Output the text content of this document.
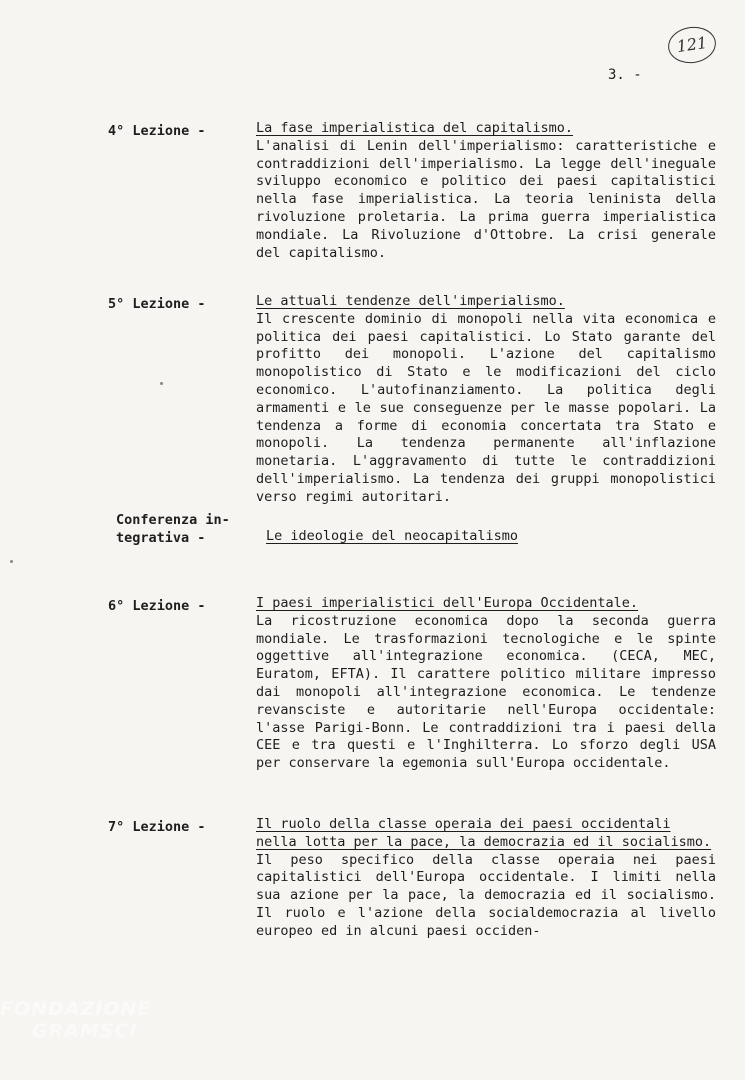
121
3. -
4° Lezione -	La fase imperialistica del capitalismo.
L'analisi di Lenin dell'imperialismo: caratteristiche e contraddizioni dell'imperialismo. La legge dell'ineguale sviluppo economico e politico dei paesi capitalistici nella fase imperialistica. La teoria leninista della rivoluzione proletaria. La prima guerra imperialistica mondiale. La Rivoluzione d'Ottobre. La crisi generale del capitalismo.
5° Lezione -	Le attuali tendenze dell'imperialismo.
Il crescente dominio di monopoli nella vita economica e politica dei paesi capitalistici. Lo Stato garante del profitto dei monopoli. L'azione del capitalismo monopolistico di Stato e le modificazioni del ciclo economico. L'autofinanziamento. La politica degli armamenti e le sue conseguenze per le masse popolari. La tendenza a forme di economia concertata tra Stato e monopoli. La tendenza permanente all'inflazione monetaria. L'aggravamento di tutte le contraddizioni dell'imperialismo. La tendenza dei gruppi monopolistici verso regimi autoritari.
Conferenza in-
tegrativa -	Le ideologie del neocapitalismo
6° Lezione -	I paesi imperialistici dell'Europa Occidentale.
La ricostruzione economica dopo la seconda guerra mondiale. Le trasformazioni tecnologiche e le spinte oggettive all'integrazione economica. (CECA, MEC, Euratom, EFTA). Il carattere politico militare impresso dai monopoli all'integrazione economica. Le tendenze revansciste e autoritarie nell'Europa occidentale: l'asse Parigi-Bonn. Le contraddizioni tra i paesi della CEE e tra questi e l'Inghilterra. Lo sforzo degli USA per conservare la egemonia sull'Europa occidentale.
7° Lezione -	Il ruolo della classe operaia dei paesi occidentali nella lotta per la pace, la democrazia ed il socialismo.
Il peso specifico della classe operaia nei paesi capitalistici dell'Europa occidentale. I limiti nella sua azione per la pace, la democrazia ed il socialismo. Il ruolo e l'azione della socialdemocrazia al livello europeo ed in alcuni paesi occiden-
FONDAZIONE
GRAMSCI
